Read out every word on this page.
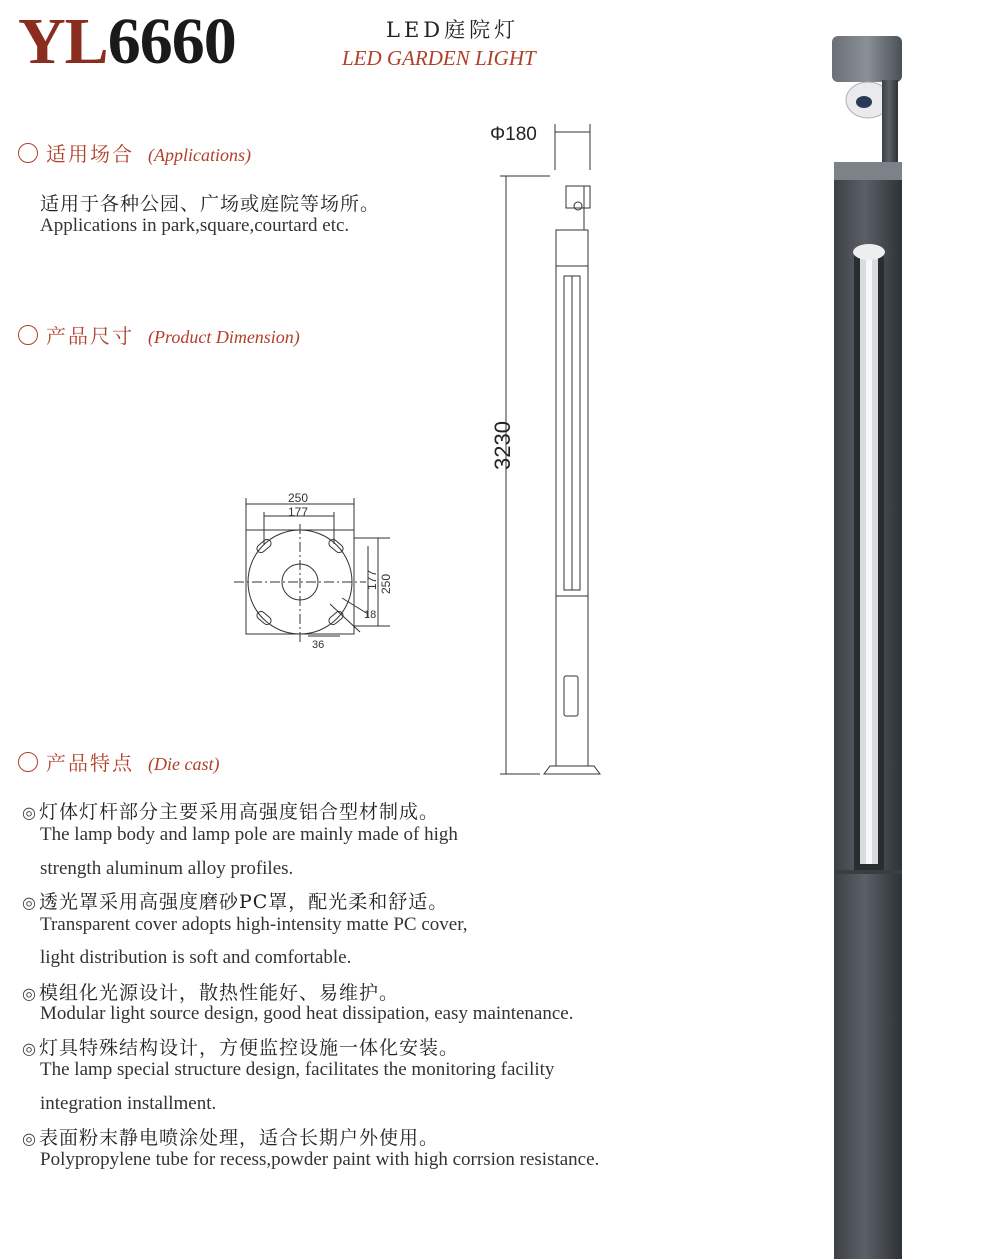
YL6660	LED庭院灯
LED GARDEN LIGHT
适用场合 (Applications)
适用于各种公园、广场或庭院等场所。
Applications in park,square,courtard etc.
产品尺寸 (Product Dimension)
Φ180
3230
250
177
250
177
18
36
产品特点 (Die cast)
◎ 灯体灯杆部分主要采用高强度铝合型材制成。
The lamp body and lamp pole are mainly made of high
strength aluminum alloy profiles.
◎ 透光罩采用高强度磨砂PC罩，配光柔和舒适。
Transparent cover adopts high-intensity matte PC cover,
light distribution is soft and comfortable.
◎ 模组化光源设计，散热性能好、易维护。
Modular light source design, good heat dissipation, easy maintenance.
◎ 灯具特殊结构设计，方便监控设施一体化安装。
The lamp special structure design, facilitates the monitoring facility
integration installment.
◎ 表面粉末静电喷涂处理，适合长期户外使用。
Polypropylene tube for recess,powder paint with high corrsion resistance.
